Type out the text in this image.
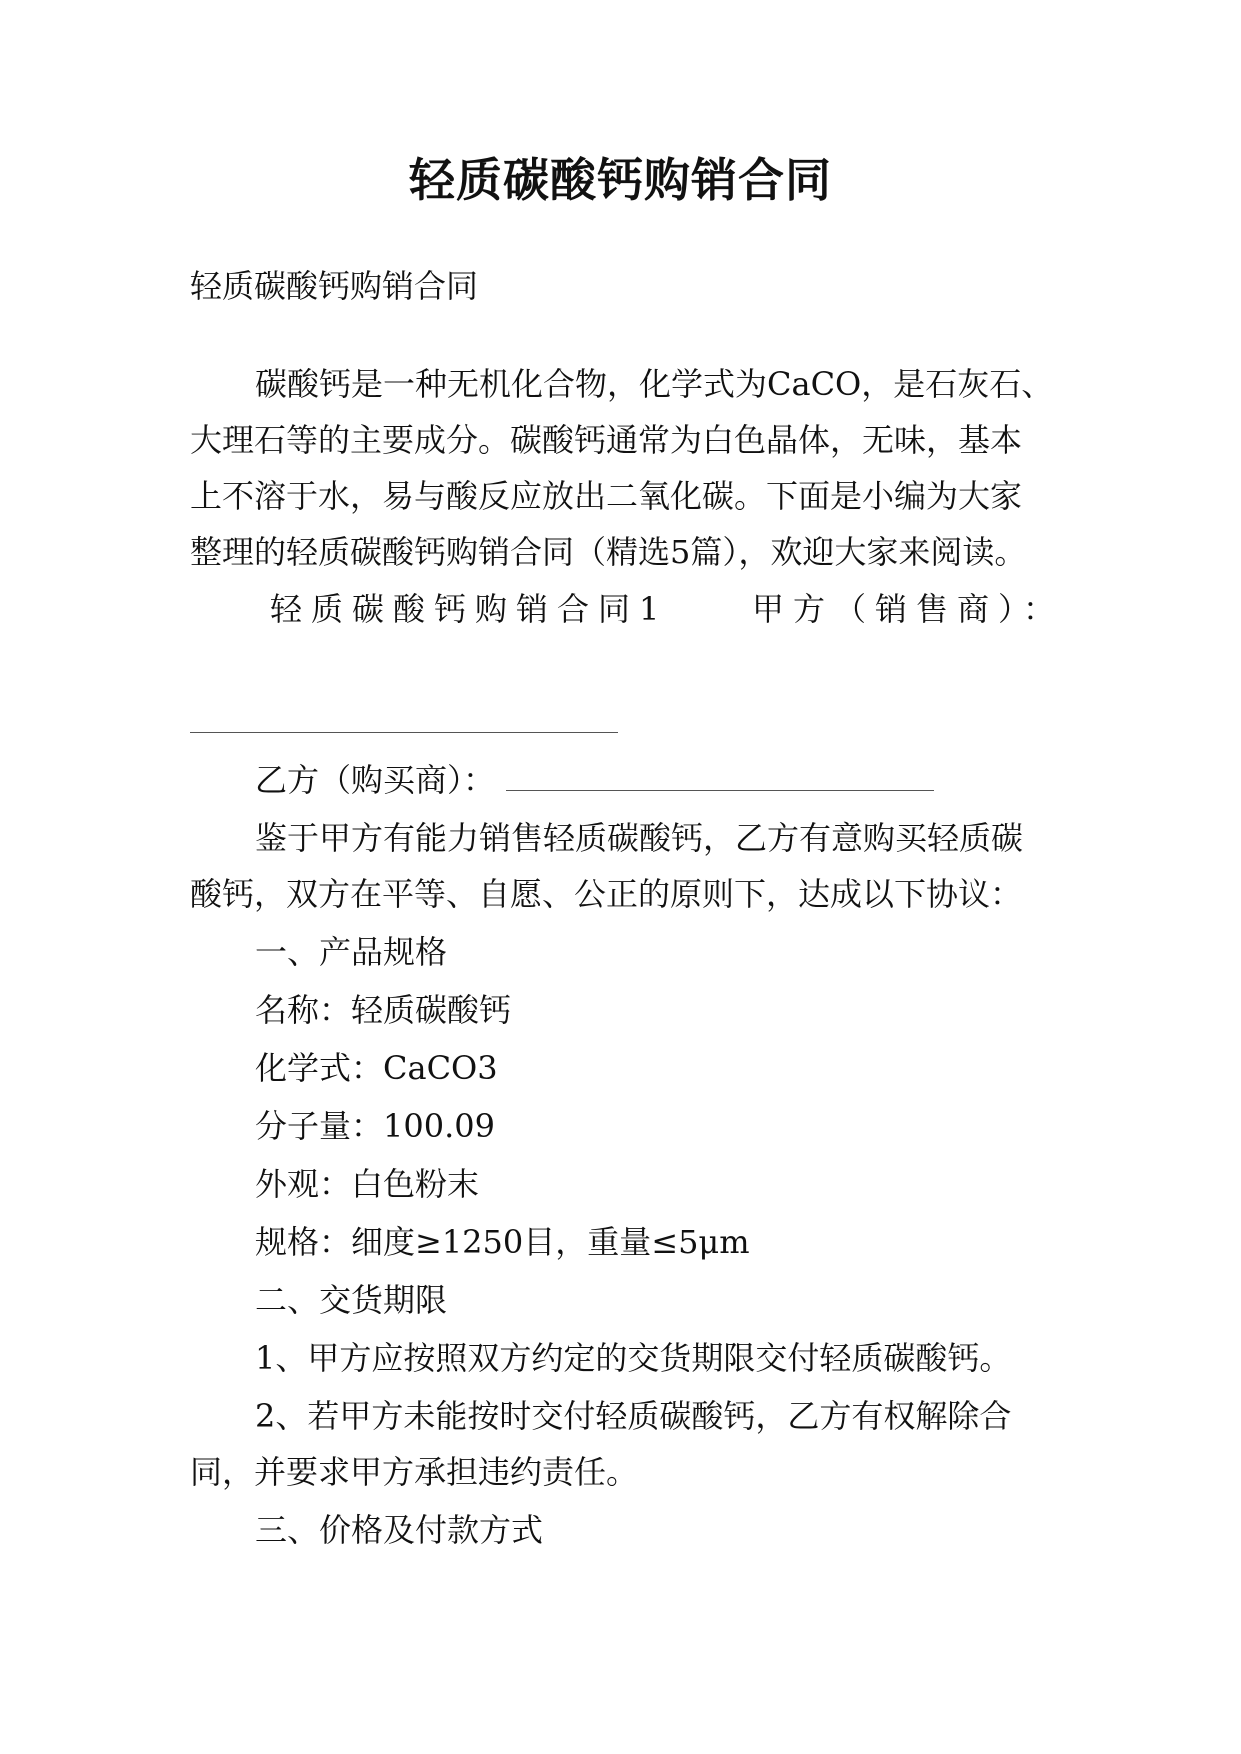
轻质碳酸钙购销合同

轻质碳酸钙购销合同

碳酸钙是一种无机化合物，化学式为CaCO，是石灰石、

大理石等的主要成分。碳酸钙通常为白色晶体，无味，基本

上不溶于水，易与酸反应放出二氧化碳。下面是小编为大家

整理的轻质碳酸钙购销合同（精选5篇），欢迎大家来阅读。

轻质碳酸钙购销合同1	甲方（销售商）：

乙方（购买商）：

鉴于甲方有能力销售轻质碳酸钙，乙方有意购买轻质碳

酸钙，双方在平等、自愿、公正的原则下，达成以下协议：

一、产品规格

名称：轻质碳酸钙

化学式：CaCO3

分子量：100.09

外观：白色粉末

规格：细度≥1250目，重量≤5μm

二、交货期限

1、甲方应按照双方约定的交货期限交付轻质碳酸钙。

2、若甲方未能按时交付轻质碳酸钙，乙方有权解除合

同，并要求甲方承担违约责任。

三、价格及付款方式
